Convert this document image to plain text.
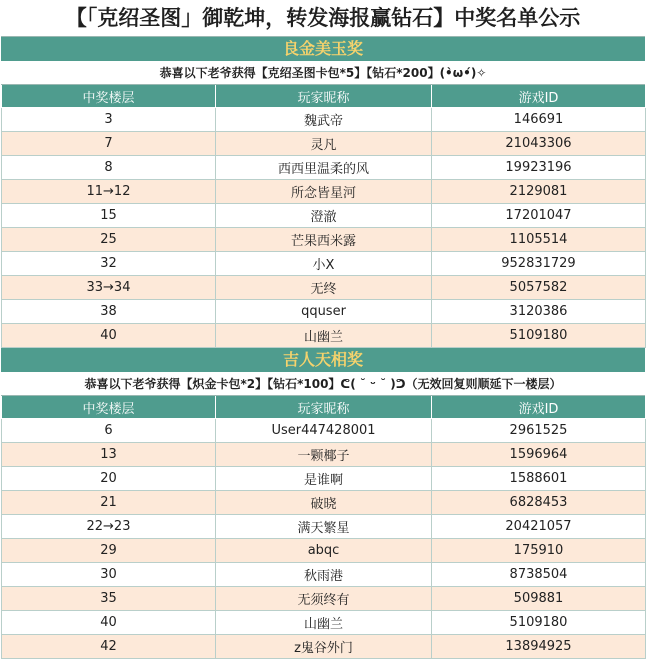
【「克绍圣图」御乾坤，转发海报赢钻石】中奖名单公示
良金美玉奖
恭喜以下老爷获得【克绍圣图卡包*5】【钻石*200】(•̀ω•́)✧
中奖楼层	玩家昵称	游戏ID
3	魏武帝	146691
7	灵凡	21043306
8	西西里温柔的风	19923196
11→12	所念皆星河	2129081
15	澄澈	17201047
25	芒果西米露	1105514
32	小X	952831729
33→34	无终	5057582
38	qquser	3120386
40	山幽兰	5109180
吉人天相奖
恭喜以下老爷获得【炽金卡包*2】【钻石*100】ᕦ( ˘ ᵕ ˘ )ᕤ（无效回复则顺延下一楼层）
中奖楼层	玩家昵称	游戏ID
6	User447428001	2961525
13	一颗椰子	1596964
20	是谁啊	1588601
21	破晓	6828453
22→23	满天繁星	20421057
29	abqc	175910
30	秋雨港	8738504
35	无须终有	509881
40	山幽兰	5109180
42	z鬼谷外门	13894925
